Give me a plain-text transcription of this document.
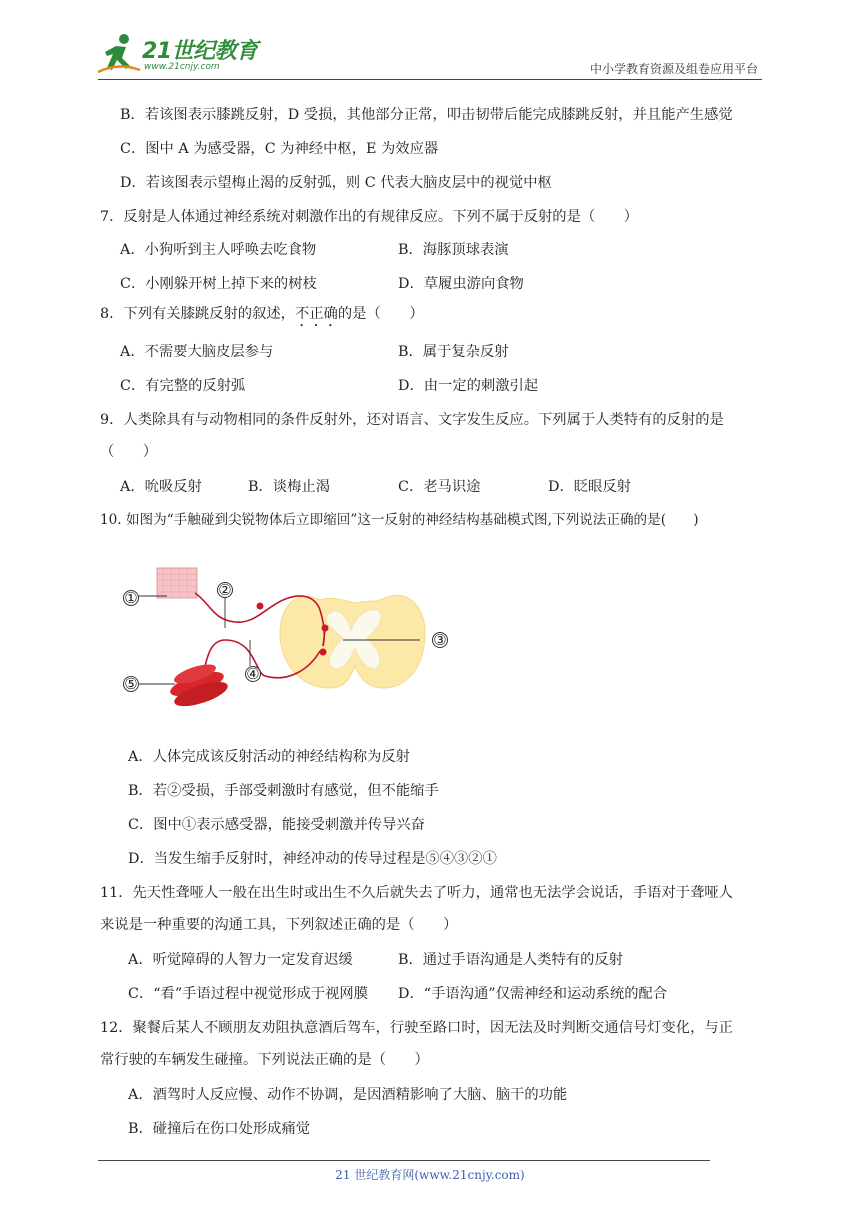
21世纪教育
www.21cnjy.com	中小学教育资源及组卷应用平台
B．若该图表示膝跳反射，D 受损，其他部分正常，叩击韧带后能完成膝跳反射，并且能产生感觉
C．图中 A 为感受器，C 为神经中枢，E 为效应器
D．若该图表示望梅止渴的反射弧，则 C 代表大脑皮层中的视觉中枢
7．反射是人体通过神经系统对刺激作出的有规律反应。下列不属于反射的是（　　）
A．小狗听到主人呼唤去吃食物	B．海豚顶球表演
C．小刚躲开树上掉下来的树枝	D．草履虫游向食物
8．下列有关膝跳反射的叙述，不正确的是（　　）
A．不需要大脑皮层参与	B．属于复杂反射
C．有完整的反射弧	D．由一定的刺激引起
9．人类除具有与动物相同的条件反射外，还对语言、文字发生反应。下列属于人类特有的反射的是
（　　）
A．吮吸反射	B．谈梅止渴	C．老马识途	D．眨眼反射
10. 如图为“手触碰到尖锐物体后立即缩回”这一反射的神经结构基础模式图,下列说法正确的是(　　)
①	②
③
④
⑤
A．人体完成该反射活动的神经结构称为反射
B．若②受损，手部受刺激时有感觉，但不能缩手
C．图中①表示感受器，能接受刺激并传导兴奋
D．当发生缩手反射时，神经冲动的传导过程是⑤④③②①
11．先天性聋哑人一般在出生时或出生不久后就失去了听力，通常也无法学会说话，手语对于聋哑人
来说是一种重要的沟通工具，下列叙述正确的是（　　）
A．听觉障碍的人智力一定发育迟缓	B．通过手语沟通是人类特有的反射
C．“看”手语过程中视觉形成于视网膜 D．“手语沟通”仅需神经和运动系统的配合
12．聚餐后某人不顾朋友劝阻执意酒后驾车，行驶至路口时，因无法及时判断交通信号灯变化，与正
常行驶的车辆发生碰撞。下列说法正确的是（　　）
A．酒驾时人反应慢、动作不协调，是因酒精影响了大脑、脑干的功能
B．碰撞后在伤口处形成痛觉
21 世纪教育网(www.21cnjy.com)
